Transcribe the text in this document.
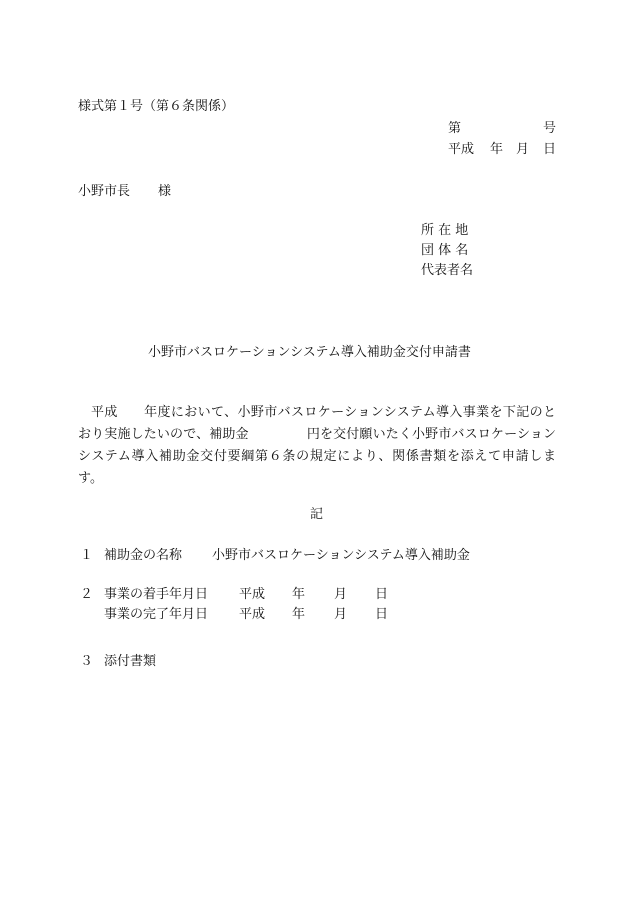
様式第１号（第６条関係）
第	号
平成 年 月 日
小野市長 様
所 在 地
団 体 名
代表者名
小野市バスロケーションシステム導入補助金交付申請書

平成 年度において、小野市バスロケーションシステム導入事業を下記のとおり実施したいので、補助金	円を交付願いたく小野市バスロケーションシステム導入補助金交付要綱第６条の規定により、関係書類を添えて申請します。

記
１ 補助金の名称 小野市バスロケーションシステム導入補助金
２ 事業の着手年月日 平成 年 月 日
事業の完了年月日 平成 年 月 日
３ 添付書類
